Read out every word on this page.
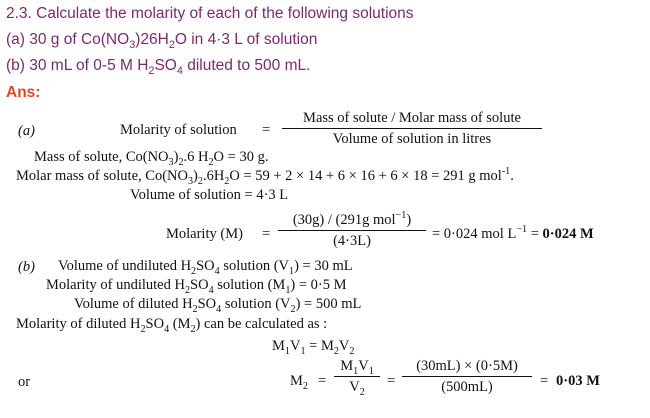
2.3. Calculate the molarity of each of the following solutions
(a) 30 g of $Co(NO_3)26H_2O$ in 4·3 L of solution
(b) 30 mL of 0-5 M $H_2SO_4$ diluted to 500 mL.
Ans:
(a)	Molarity of solution =
Mass of solute / Molar mass of solute
Volume of solution in litres
Mass of solute, $Co(NO_3)_2.6$ $H_2O = 30$ g.
Molar mass of solute, $Co(NO_3)_2.6H_2O = 59 + 2 \times 14 + 6 \times 16 + 6 \times 18 = 291$ g mol$^{-1}$.
Volume of solution = 4·3 L
Molarity (M) =
(30g) / (291g mol$^{-1}$)
(4·3L)	= 0·024 mol $L^{-1} = 0\cdot 024$ M
(b) Volume of undiluted $H_2SO_4$ solution $(V_1) = 30$ mL
Molarity of undiluted $H_2SO_4$ solution $(M_1) = 0\cdot 5$ M
Volume of diluted $H_2SO_4$ solution $(V_2) = 500$ mL
Molarity of diluted $H_2SO_4$ $(M_2)$ can be calculated as :
$M_1V_1 = M_2V_2$
or	$M_2$ =
$M_1V_1$
$V_2$
=
(30mL) × (0·5M)
(500mL)	= 0·03 M
